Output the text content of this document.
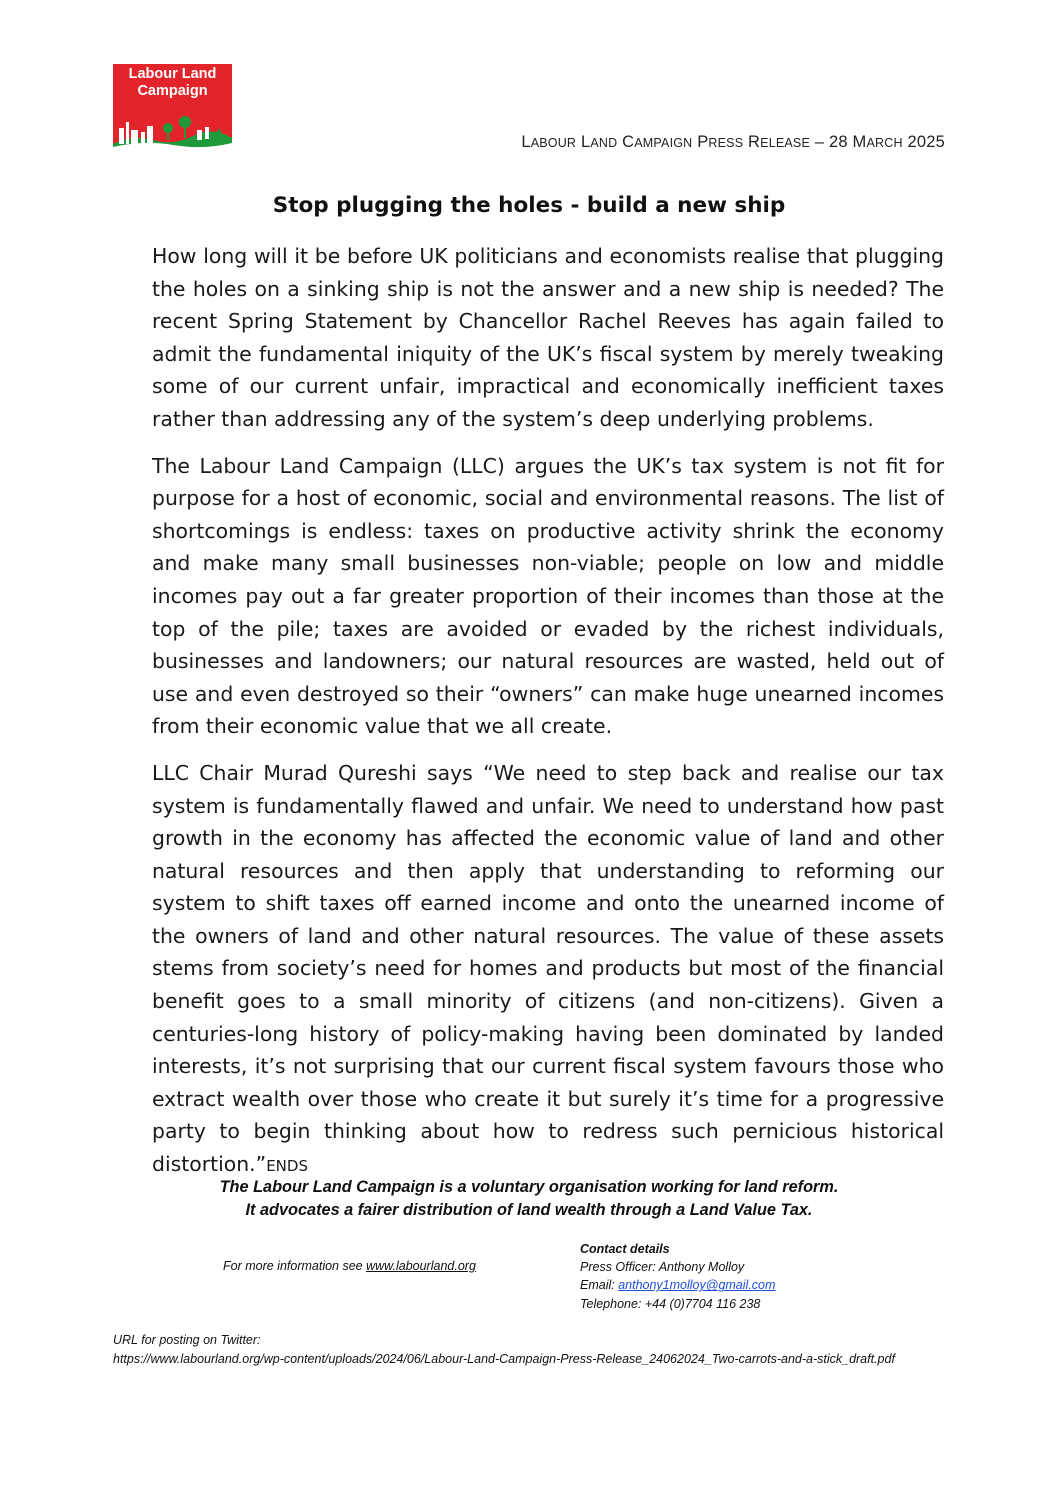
Labour Land
Campaign
LABOUR LAND CAMPAIGN PRESS RELEASE – 28 MARCH 2025
Stop plugging the holes - build a new ship

How long will it be before UK politicians and economists realise that plugging the holes on a sinking ship is not the answer and a new ship is needed? The recent Spring Statement by Chancellor Rachel Reeves has again failed to admit the fundamental iniquity of the UK’s fiscal system by merely tweaking some of our current unfair, impractical and economically inefficient taxes rather than addressing any of the system’s deep underlying problems.

The Labour Land Campaign (LLC) argues the UK’s tax system is not fit for purpose for a host of economic, social and environmental reasons. The list of shortcomings is endless: taxes on productive activity shrink the economy and make many small businesses non-viable; people on low and middle incomes pay out a far greater proportion of their incomes than those at the top of the pile; taxes are avoided or evaded by the richest individuals, businesses and landowners; our natural resources are wasted, held out of use and even destroyed so their “owners” can make huge unearned incomes from their economic value that we all create.

LLC Chair Murad Qureshi says “We need to step back and realise our tax system is fundamentally flawed and unfair. We need to understand how past growth in the economy has affected the economic value of land and other natural resources and then apply that understanding to reforming our system to shift taxes off earned income and onto the unearned income of the owners of land and other natural resources. The value of these assets stems from society’s need for homes and products but most of the financial benefit goes to a small minority of citizens (and non-citizens). Given a centuries-long history of policy-making having been dominated by landed interests, it’s not surprising that our current fiscal system favours those who extract wealth over those who create it but surely it’s time for a progressive party to begin thinking about how to redress such pernicious historical distortion.”ENDS

The Labour Land Campaign is a voluntary organisation working for land reform.
It advocates a fairer distribution of land wealth through a Land Value Tax.
For more information see www.labourland.org
Contact details
Press Officer: Anthony Molloy
Email: anthony1molloy@gmail.com
Telephone: +44 (0)7704 116 238
URL for posting on Twitter:
https://www.labourland.org/wp-content/uploads/2024/06/Labour-Land-Campaign-Press-Release_24062024_Two-carrots-and-a-stick_draft.pdf
